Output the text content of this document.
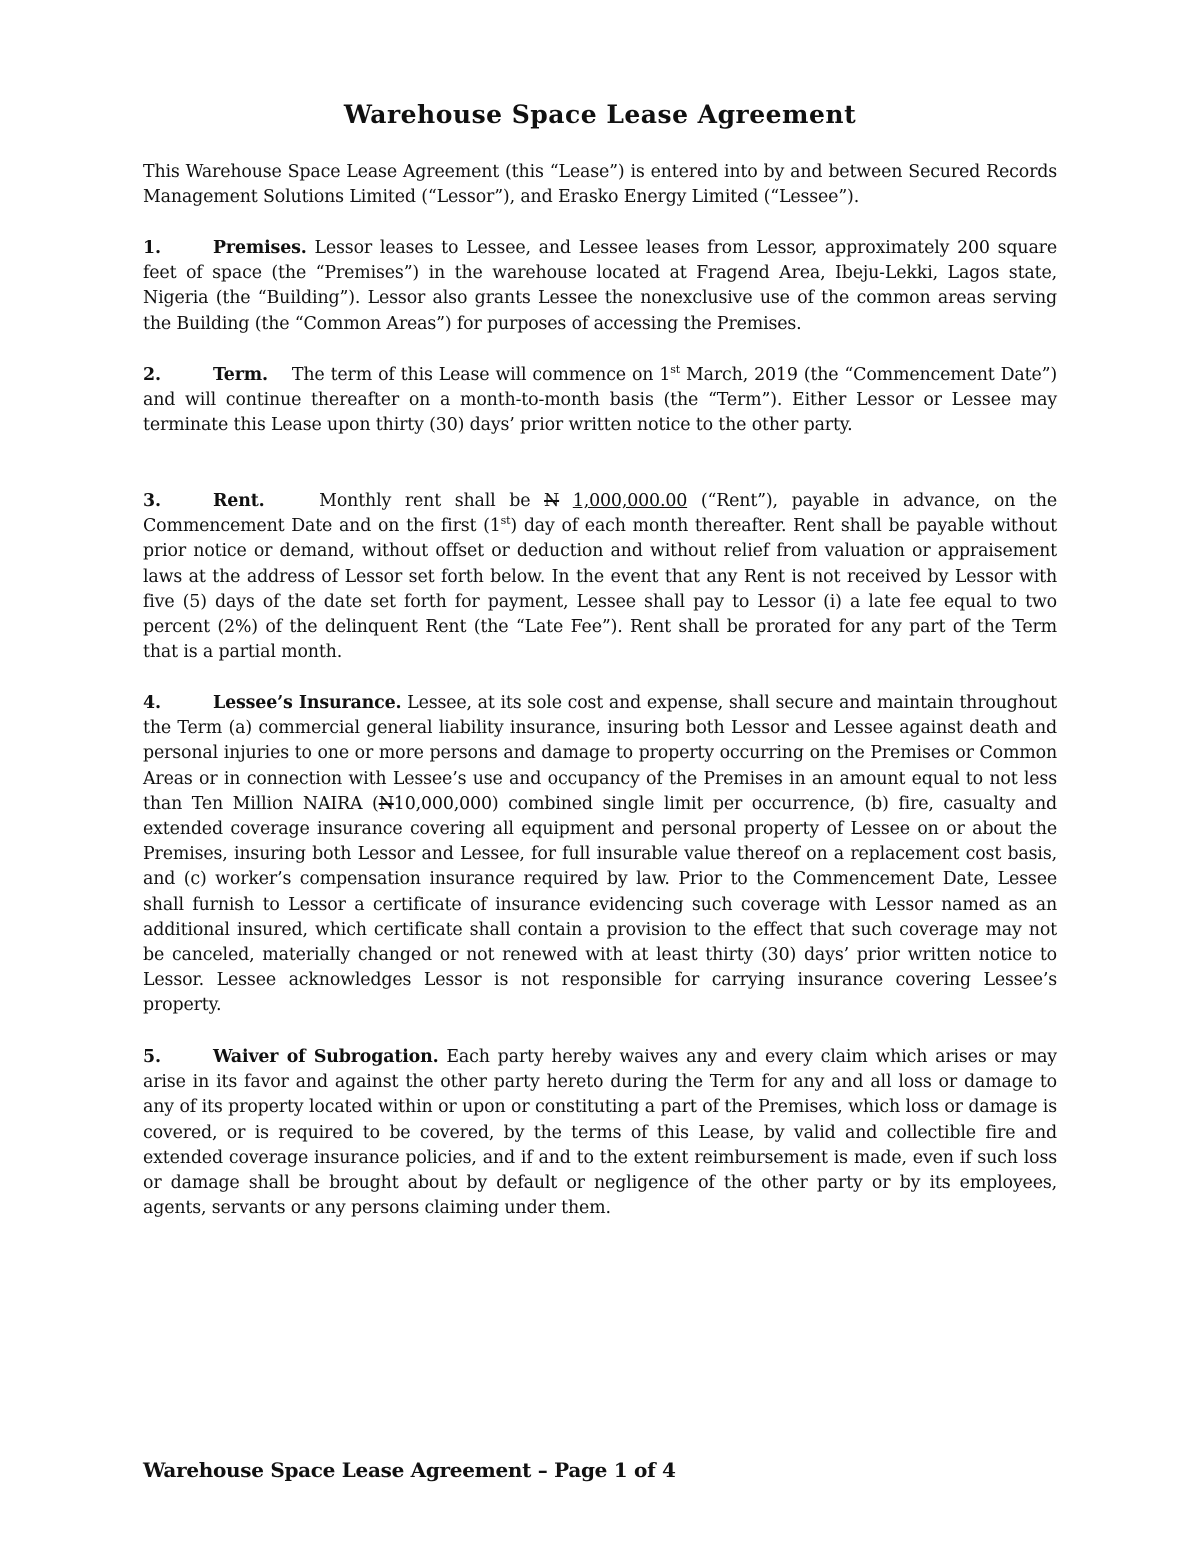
Warehouse Space Lease Agreement
This Warehouse Space Lease Agreement (this “Lease”) is entered into by and between Secured Records Management Solutions Limited (“Lessor”), and Erasko Energy Limited (“Lessee”).
1.	Premises. Lessor leases to Lessee, and Lessee leases from Lessor, approximately 200 square feet of space (the “Premises”) in the warehouse located at Fragend Area, Ibeju-Lekki, Lagos state, Nigeria (the “Building”). Lessor also grants Lessee the nonexclusive use of the common areas serving the Building (the “Common Areas”) for purposes of accessing the Premises.
2.	Term. The term of this Lease will commence on 1st March, 2019 (the “Commencement Date”) and will continue thereafter on a month-to-month basis (the “Term”). Either Lessor or Lessee may terminate this Lease upon thirty (30) days’ prior written notice to the other party.
3.	Rent.	Monthly rent shall be N 1,000,000.00 (“Rent”), payable in advance, on the Commencement Date and on the first (1st) day of each month thereafter. Rent shall be payable without prior notice or demand, without offset or deduction and without relief from valuation or appraisement laws at the address of Lessor set forth below. In the event that any Rent is not received by Lessor with five (5) days of the date set forth for payment, Lessee shall pay to Lessor (i) a late fee equal to two percent (2%) of the delinquent Rent (the “Late Fee”). Rent shall be prorated for any part of the Term that is a partial month.
4.	Lessee’s Insurance. Lessee, at its sole cost and expense, shall secure and maintain throughout the Term (a) commercial general liability insurance, insuring both Lessor and Lessee against death and personal injuries to one or more persons and damage to property occurring on the Premises or Common Areas or in connection with Lessee’s use and occupancy of the Premises in an amount equal to not less than Ten Million NAIRA (N10,000,000) combined single limit per occurrence, (b) fire, casualty and extended coverage insurance covering all equipment and personal property of Lessee on or about the Premises, insuring both Lessor and Lessee, for full insurable value thereof on a replacement cost basis, and (c) worker’s compensation insurance required by law. Prior to the Commencement Date, Lessee shall furnish to Lessor a certificate of insurance evidencing such coverage with Lessor named as an additional insured, which certificate shall contain a provision to the effect that such coverage may not be canceled, materially changed or not renewed with at least thirty (30) days’ prior written notice to Lessor. Lessee acknowledges Lessor is not responsible for carrying insurance covering Lessee’s property.
5.	Waiver of Subrogation. Each party hereby waives any and every claim which arises or may arise in its favor and against the other party hereto during the Term for any and all loss or damage to any of its property located within or upon or constituting a part of the Premises, which loss or damage is covered, or is required to be covered, by the terms of this Lease, by valid and collectible fire and extended coverage insurance policies, and if and to the extent reimbursement is made, even if such loss or damage shall be brought about by default or negligence of the other party or by its employees, agents, servants or any persons claiming under them.
Warehouse Space Lease Agreement – Page 1 of 4
